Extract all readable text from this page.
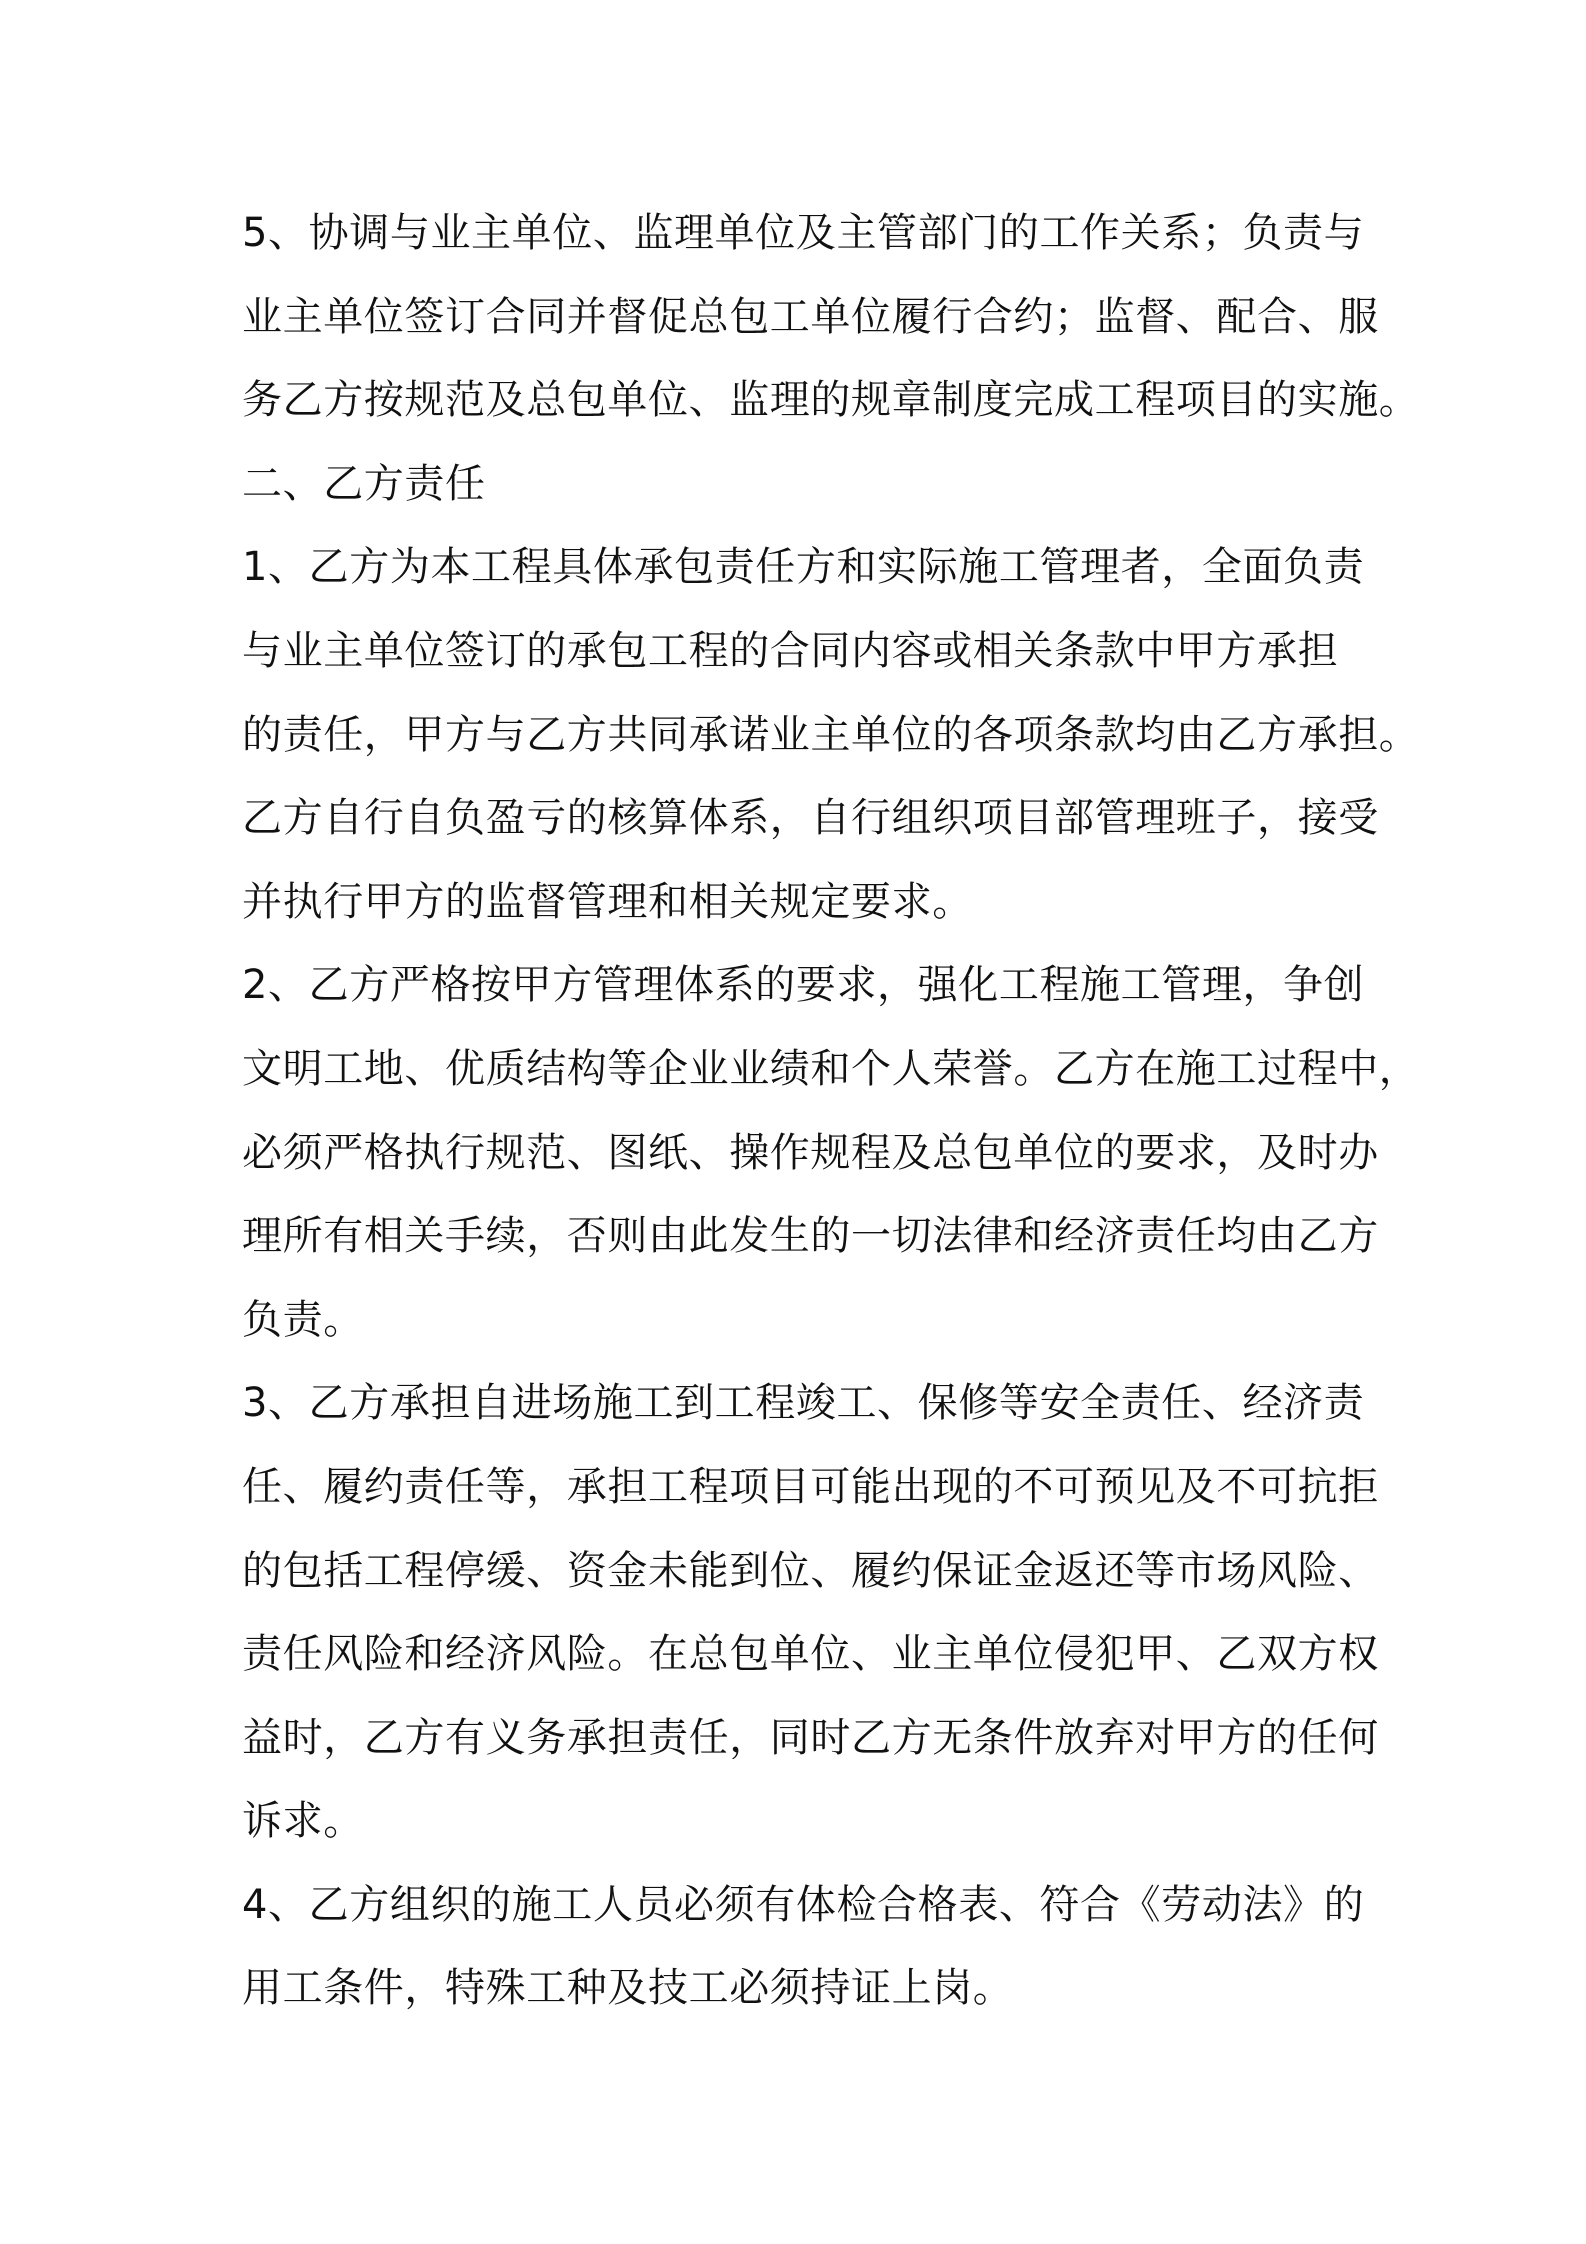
5、协调与业主单位、监理单位及主管部门的工作关系；负责与
业主单位签订合同并督促总包工单位履行合约；监督、配合、服
务乙方按规范及总包单位、监理的规章制度完成工程项目的实施。
二、乙方责任
1、乙方为本工程具体承包责任方和实际施工管理者，全面负责
与业主单位签订的承包工程的合同内容或相关条款中甲方承担
的责任，甲方与乙方共同承诺业主单位的各项条款均由乙方承担。
乙方自行自负盈亏的核算体系，自行组织项目部管理班子，接受
并执行甲方的监督管理和相关规定要求。
2、乙方严格按甲方管理体系的要求，强化工程施工管理，争创
文明工地、优质结构等企业业绩和个人荣誉。乙方在施工过程中，
必须严格执行规范、图纸、操作规程及总包单位的要求，及时办
理所有相关手续，否则由此发生的一切法律和经济责任均由乙方
负责。
3、乙方承担自进场施工到工程竣工、保修等安全责任、经济责
任、履约责任等，承担工程项目可能出现的不可预见及不可抗拒
的包括工程停缓、资金未能到位、履约保证金返还等市场风险、
责任风险和经济风险。在总包单位、业主单位侵犯甲、乙双方权
益时，乙方有义务承担责任，同时乙方无条件放弃对甲方的任何
诉求。
4、乙方组织的施工人员必须有体检合格表、符合《劳动法》的
用工条件，特殊工种及技工必须持证上岗。
